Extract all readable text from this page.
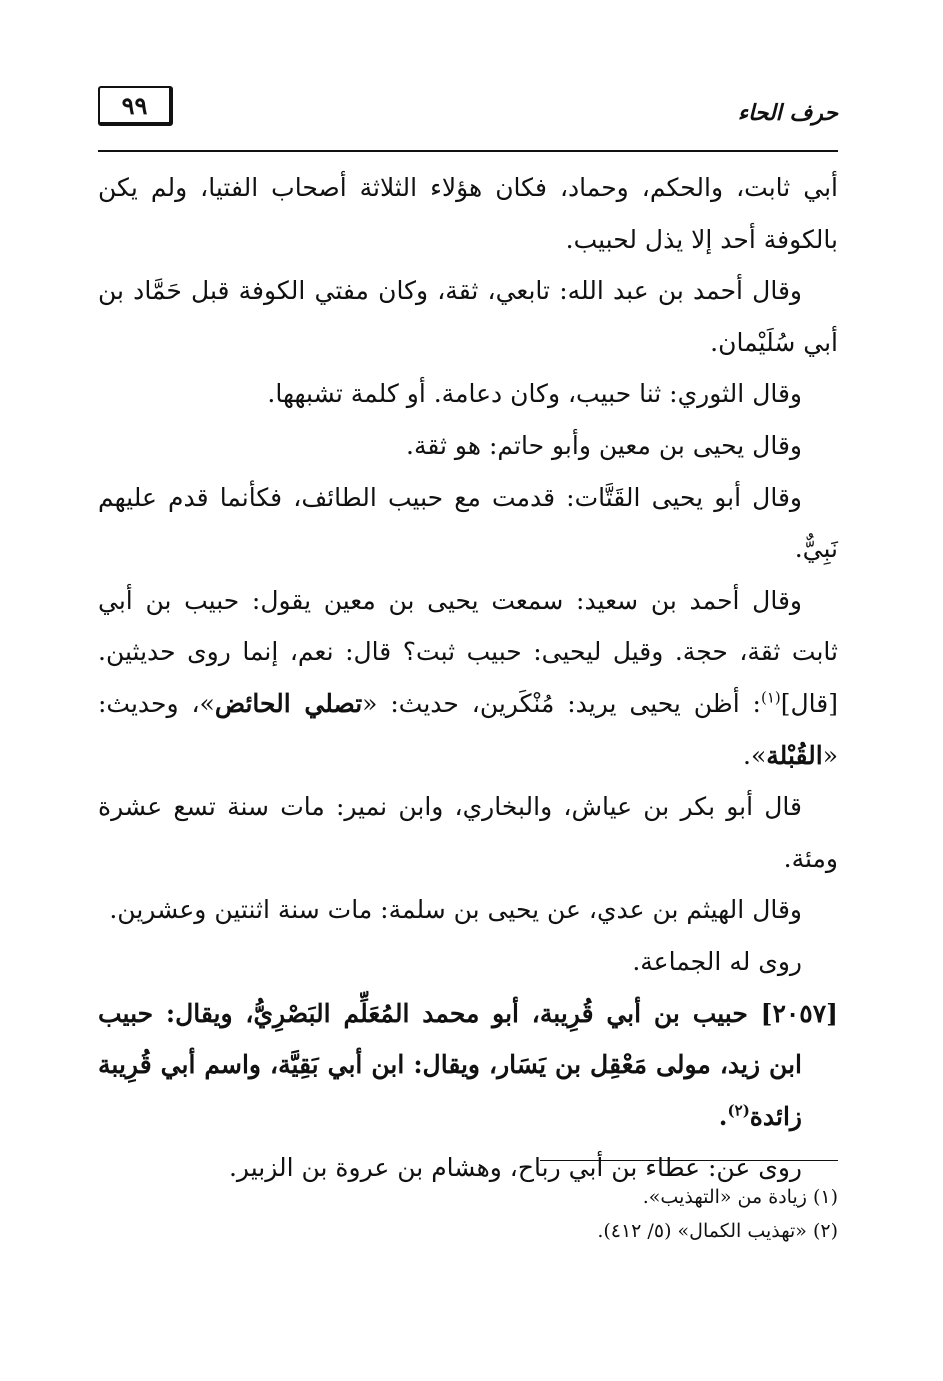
٩٩	حرف الحاء

أبي ثابت، والحكم، وحماد، فكان هؤلاء الثلاثة أصحاب الفتيا، ولم يكن بالكوفة أحد إلا يذل لحبيب.

وقال أحمد بن عبد الله: تابعي، ثقة، وكان مفتي الكوفة قبل حَمَّاد بن أبي سُلَيْمان.

وقال الثوري: ثنا حبيب، وكان دعامة. أو كلمة تشبهها.

وقال يحيى بن معين وأبو حاتم: هو ثقة.

وقال أبو يحيى القَتَّات: قدمت مع حبيب الطائف، فكأنما قدم عليهم نَبِيٌّ.

وقال أحمد بن سعيد: سمعت يحيى بن معين يقول: حبيب بن أبي ثابت ثقة، حجة. وقيل ليحيى: حبيب ثبت؟ قال: نعم، إنما روى حديثين. [قال]$^{(١)}$: أظن يحيى يريد: مُنْكَرين، حديث: «تصلي الحائض»، وحديث: «القُبْلة».

قال أبو بكر بن عياش، والبخاري، وابن نمير: مات سنة تسع عشرة ومئة.

وقال الهيثم بن عدي، عن يحيى بن سلمة: مات سنة اثنتين وعشرين.

روى له الجماعة.

[٢٠٥٧] حبيب بن أبي قُرِيبة، أبو محمد المُعَلِّم البَصْرِيُّ، ويقال: حبيب ابن زيد، مولى مَعْقِل بن يَسَار، ويقال: ابن أبي بَقِيَّة، واسم أبي قُرِيبة زائدة$^{(٢)}$.

روى عن: عطاء بن أبي رباح، وهشام بن عروة بن الزبير.

(١) زيادة من «التهذيب».

(٢) «تهذيب الكمال» (٥/ ٤١٢).
